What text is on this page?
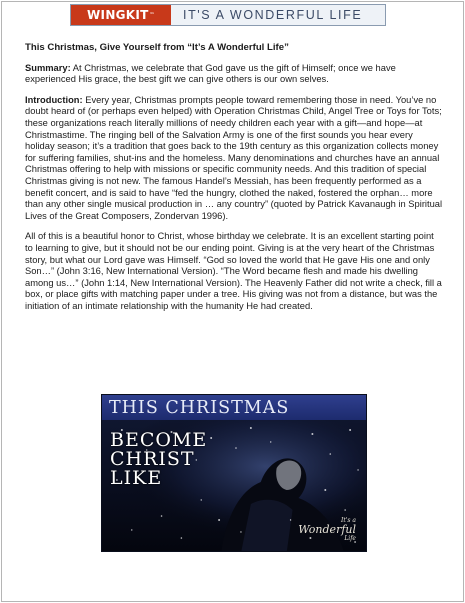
WINGKIT ™	IT'S A WONDERFUL LIFE
This Christmas, Give Yourself from “It’s A Wonderful Life”

Summary: At Christmas, we celebrate that God gave us the gift of Himself; once we have experienced His grace, the best gift we can give others is our own selves.

Introduction: Every year, Christmas prompts people toward remembering those in need. You’ve no doubt heard of (or perhaps even helped) with Operation Christmas Child, Angel Tree or Toys for Tots; these organizations reach literally millions of needy children each year with a gift—and hope—at Christmastime. The ringing bell of the Salvation Army is one of the first sounds you hear every holiday season; it’s a tradition that goes back to the 19th century as this organization collects money for suffering families, shut-ins and the homeless. Many denominations and churches have an annual Christmas offering to help with missions or specific community needs. And this tradition of special Christmas giving is not new. The famous Handel’s Messiah, has been frequently performed as a benefit concert, and is said to have “fed the hungry, clothed the naked, fostered the orphan… more than any other single musical production in … any country” (quoted by Patrick Kavanaugh in Spiritual Lives of the Great Composers, Zondervan 1996).

All of this is a beautiful honor to Christ, whose birthday we celebrate. It is an excellent starting point to learning to give, but it should not be our ending point. Giving is at the very heart of the Christmas story, but what our Lord gave was Himself. “God so loved the world that He gave His one and only Son…” (John 3:16, New International Version). “The Word became flesh and made his dwelling among us…” (John 1:14, New International Version). The Heavenly Father did not write a check, fill a box, or place gifts with matching paper under a tree. His giving was not from a distance, but was the initiation of an intimate relationship with the humanity He had created.

THIS CHRISTMAS
BECOME
CHRIST
LIKE
It's a
Wonderful
Life
